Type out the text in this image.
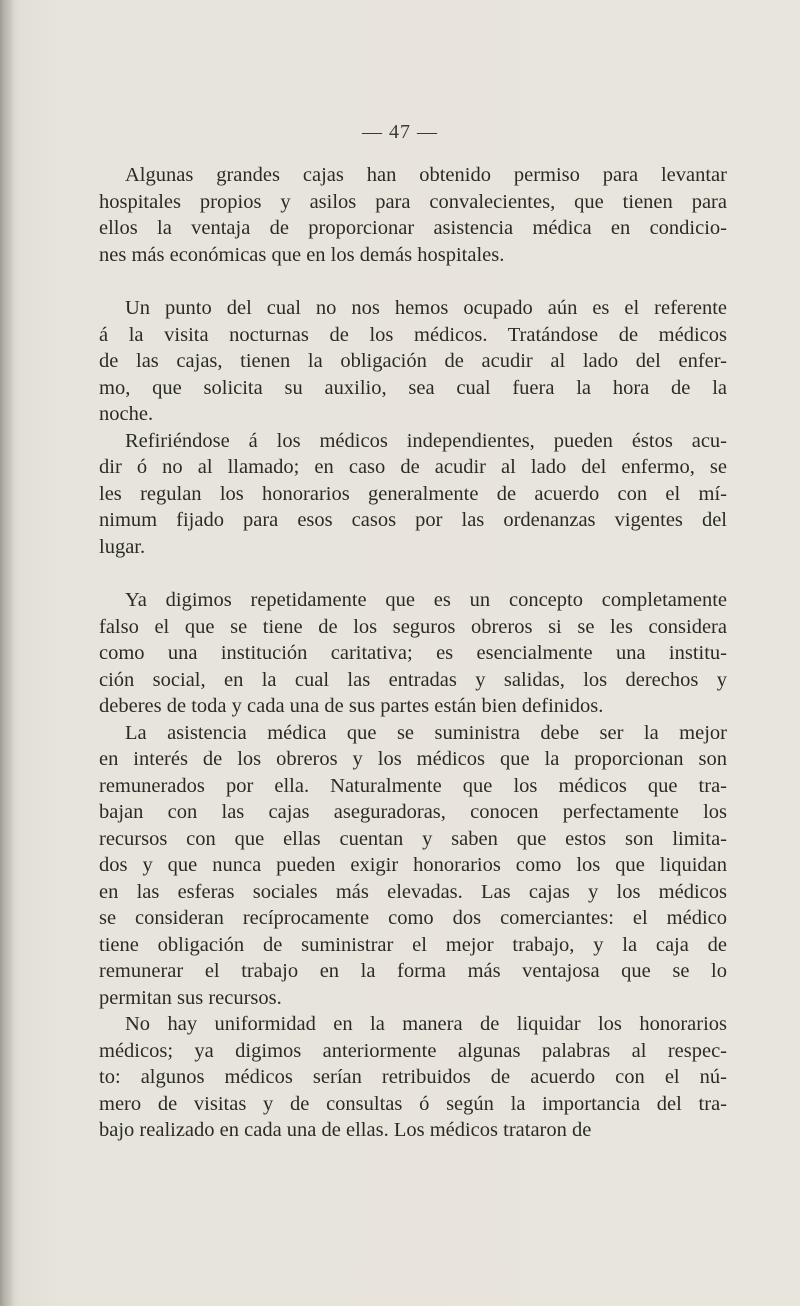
— 47 —
Algunas grandes cajas han obtenido permiso para levantar
hospitales propios y asilos para convalecientes, que tienen para
ellos la ventaja de proporcionar asistencia médica en condicio-
nes más económicas que en los demás hospitales.
Un punto del cual no nos hemos ocupado aún es el referente
á la visita nocturnas de los médicos. Tratándose de médicos
de las cajas, tienen la obligación de acudir al lado del enfer-
mo, que solicita su auxilio, sea cual fuera la hora de la
noche.
Refiriéndose á los médicos independientes, pueden éstos acu-
dir ó no al llamado; en caso de acudir al lado del enfermo, se
les regulan los honorarios generalmente de acuerdo con el mí-
nimum fijado para esos casos por las ordenanzas vigentes del
lugar.
Ya digimos repetidamente que es un concepto completamente
falso el que se tiene de los seguros obreros si se les considera
como una institución caritativa; es esencialmente una institu-
ción social, en la cual las entradas y salidas, los derechos y
deberes de toda y cada una de sus partes están bien definidos.
La asistencia médica que se suministra debe ser la mejor
en interés de los obreros y los médicos que la proporcionan son
remunerados por ella. Naturalmente que los médicos que tra-
bajan con las cajas aseguradoras, conocen perfectamente los
recursos con que ellas cuentan y saben que estos son limita-
dos y que nunca pueden exigir honorarios como los que liquidan
en las esferas sociales más elevadas. Las cajas y los médicos
se consideran recíprocamente como dos comerciantes: el médico
tiene obligación de suministrar el mejor trabajo, y la caja de
remunerar el trabajo en la forma más ventajosa que se lo
permitan sus recursos.
No hay uniformidad en la manera de liquidar los honorarios
médicos; ya digimos anteriormente algunas palabras al respec-
to: algunos médicos serían retribuidos de acuerdo con el nú-
mero de visitas y de consultas ó según la importancia del tra-
bajo realizado en cada una de ellas. Los médicos trataron de
